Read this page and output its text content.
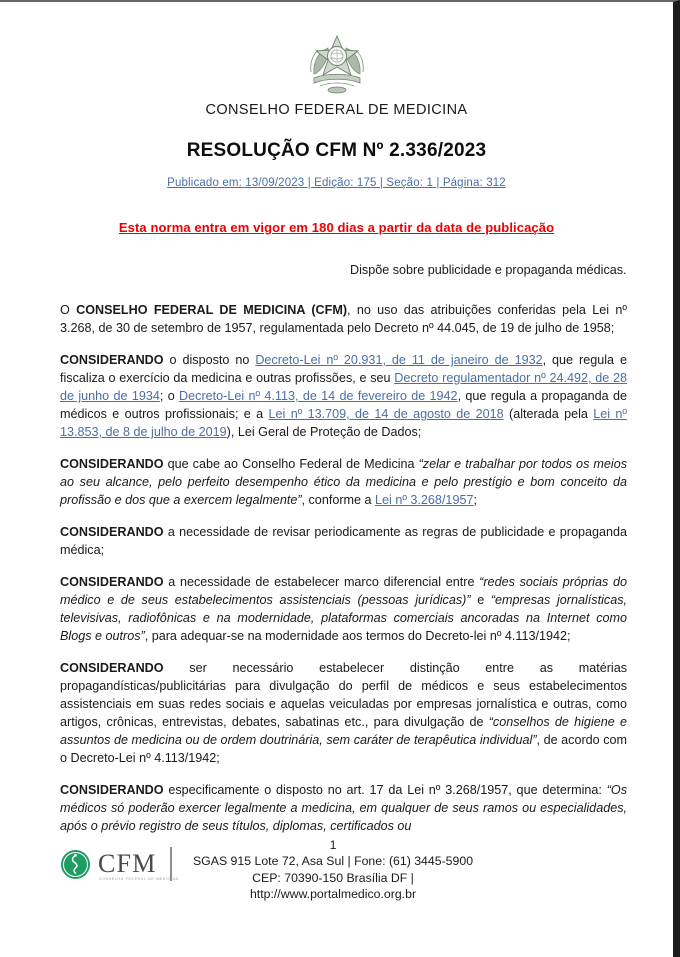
CONSELHO FEDERAL DE MEDICINA
RESOLUÇÃO CFM Nº 2.336/2023
Publicado em: 13/09/2023 | Edição: 175 | Seção: 1 | Página: 312
Esta norma entra em vigor em 180 dias a partir da data de publicação
Dispõe sobre publicidade e propaganda médicas.

O CONSELHO FEDERAL DE MEDICINA (CFM), no uso das atribuições conferidas pela Lei nº 3.268, de 30 de setembro de 1957, regulamentada pelo Decreto nº 44.045, de 19 de julho de 1958;

CONSIDERANDO o disposto no Decreto-Lei nº 20.931, de 11 de janeiro de 1932, que regula e fiscaliza o exercício da medicina e outras profissões, e seu Decreto regulamentador nº 24.492, de 28 de junho de 1934; o Decreto-Lei nº 4.113, de 14 de fevereiro de 1942, que regula a propaganda de médicos e outros profissionais; e a Lei nº 13.709, de 14 de agosto de 2018 (alterada pela Lei nº 13.853, de 8 de julho de 2019), Lei Geral de Proteção de Dados;

CONSIDERANDO que cabe ao Conselho Federal de Medicina “zelar e trabalhar por todos os meios ao seu alcance, pelo perfeito desempenho ético da medicina e pelo prestígio e bom conceito da profissão e dos que a exercem legalmente”, conforme a Lei nº 3.268/1957;

CONSIDERANDO a necessidade de revisar periodicamente as regras de publicidade e propaganda médica;

CONSIDERANDO a necessidade de estabelecer marco diferencial entre “redes sociais próprias do médico e de seus estabelecimentos assistenciais (pessoas jurídicas)” e “empresas jornalísticas, televisivas, radiofônicas e na modernidade, plataformas comerciais ancoradas na Internet como Blogs e outros”, para adequar-se na modernidade aos termos do Decreto-lei nº 4.113/1942;

CONSIDERANDO ser necessário estabelecer distinção entre as matérias propagandísticas/publicitárias para divulgação do perfil de médicos e seus estabelecimentos assistenciais em suas redes sociais e aquelas veiculadas por empresas jornalística e outras, como artigos, crônicas, entrevistas, debates, sabatinas etc., para divulgação de “conselhos de higiene e assuntos de medicina ou de ordem doutrinária, sem caráter de terapêutica individual”, de acordo com o Decreto-Lei nº 4.113/1942;

CONSIDERANDO especificamente o disposto no art. 17 da Lei nº 3.268/1957, que determina: “Os médicos só poderão exercer legalmente a medicina, em qualquer de seus ramos ou especialidades, após o prévio registro de seus títulos, diplomas, certificados ou

CFM
CONSELHO FEDERAL DE MEDICINA
1
SGAS 915 Lote 72, Asa Sul | Fone: (61) 3445-5900
CEP: 70390-150 Brasília DF |
http://www.portalmedico.org.br
